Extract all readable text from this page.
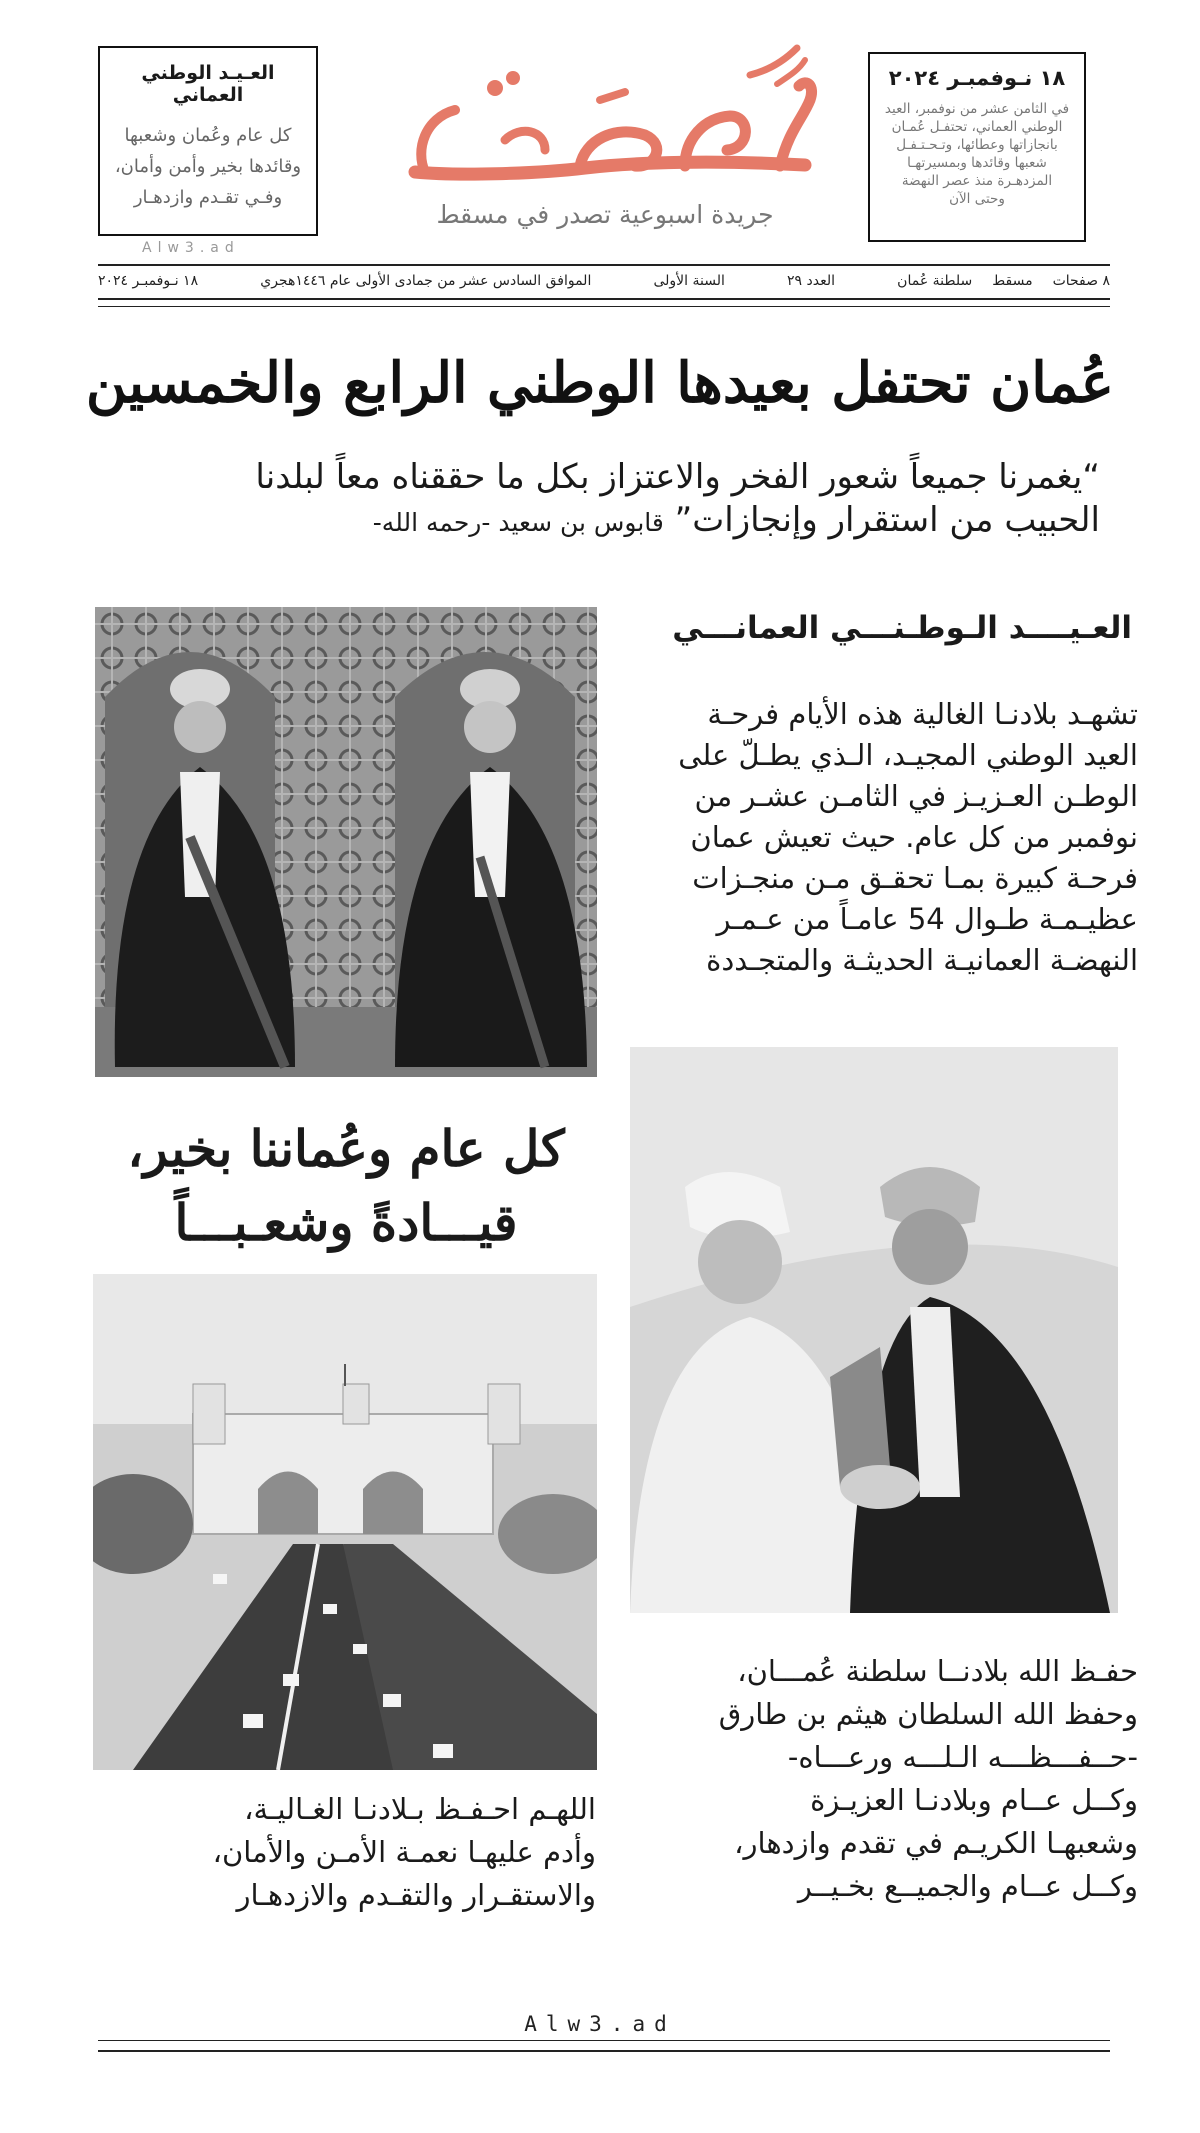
العـيـد الوطني العماني
كل عام وعُمان وشعبها
وقائدها بخير وأمن وأمان،
وفـي تقـدم وازدهـار
Alw3.ad
جريدة اسبوعية تصدر في مسقط
١٨ نـوفمبـر ٢٠٢٤
في الثامن عشر من نوفمبر، العيد
الوطني العماني، تحتفـل عُمـان
بانجازاتها وعطائها، وتـحـتـفـل
شعبها وقائدها وبمسيرتهـا
المزدهـرة منذ عصر النهضة
وحتى الآن
١٨ نـوفمبـر ٢٠٢٤	الموافق السادس عشر من جمادى الأولى عام ١٤٤٦هجري	السنة الأولى	العدد ٢٩	سلطنة عُمان مسقط ٨ صفحات
عُمان تحتفل بعيدها الوطني الرابع والخمسين
“يغمرنا جميعاً شعور الفخر والاعتزاز بكل ما حققناه معاً لبلدنا
الحبيب من استقرار وإنجازات” قابوس بن سعيد -رحمه الله-
العـيــــد الـوطـنـــي العمانـــي
تشهـد بلادنـا الغالية هذه الأيام فرحـة
العيد الوطني المجيـد، الـذي يطـلّ على
الوطـن العـزيـز في الثامـن عشـر من
نوفمبر من كل عام. حيث تعيش عمان
فرحـة كبيرة بمـا تحقـق مـن منجـزات
عظيـمـة طـوال 54 عامـاً من عـمـر
النهضـة العمانيـة الحديثـة والمتجـددة
كل عام وعُماننا بخير،
قيـــادةً وشعـبـــاً
حفـظ الله بلادنــا سلطنة عُمـــان،
وحفظ الله السلطان هيثم بن طارق
-حــفـــظـــه الـلـــه ورعـــاه-
وكــل عــام وبلادنـا العزيـزة
وشعبهـا الكريـم في تقدم وازدهار،
وكــل عــام والجميــع بخـيــر
اللهـم احـفـظ بـلادنـا الغـاليـة،
وأدم عليهـا نعمـة الأمـن والأمان،
والاستقـرار والتقـدم والازدهـار
Alw3.ad
